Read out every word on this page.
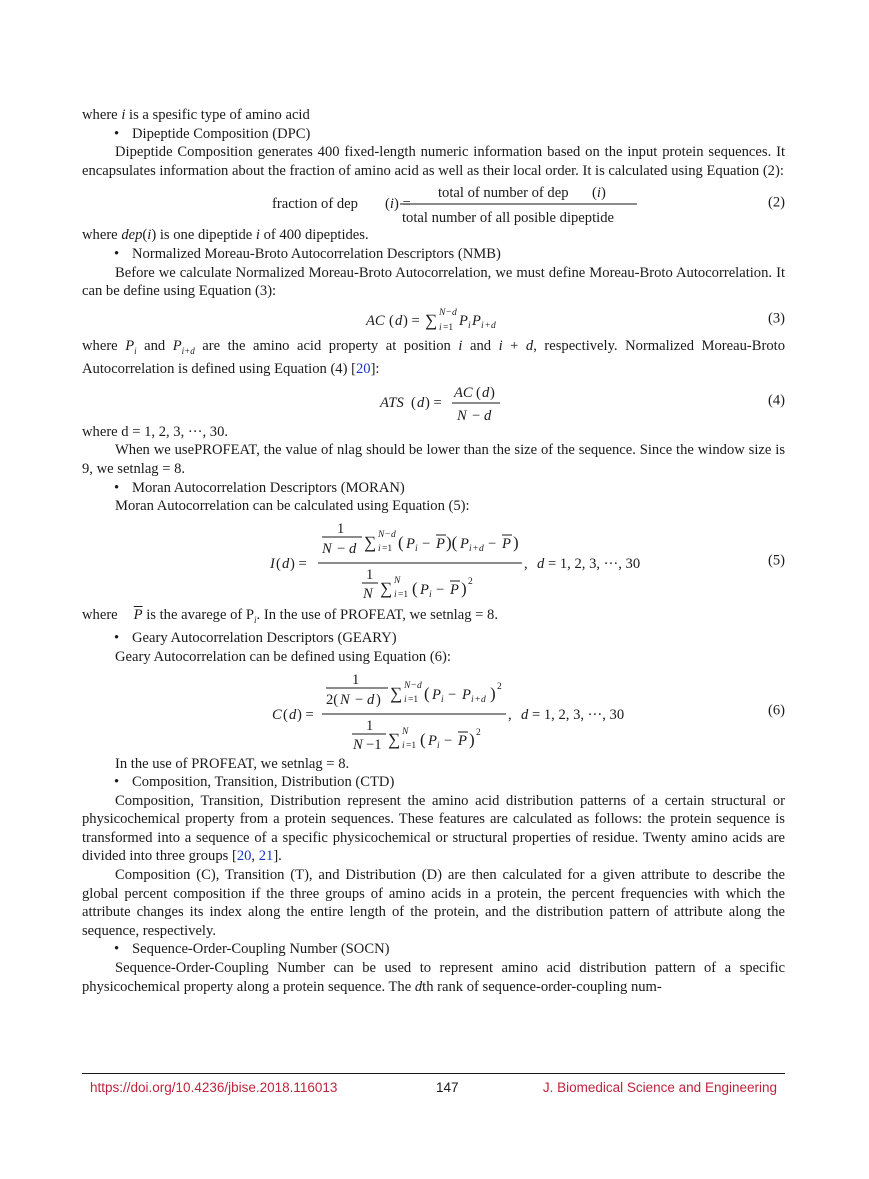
where i is a spesific type of amino acid

• Dipeptide Composition (DPC)

Dipeptide Composition generates 400 fixed-length numeric information based on the input protein sequences. It encapsulates information about the fraction of amino acid as well as their local order. It is calculated using Equation (2):

fraction of dep (i) =
total of number of dep (i)
total number of all posible dipeptide
(2)

where dep(i) is one dipeptide i of 400 dipeptides.

• Normalized Moreau-Broto Autocorrelation Descriptors (NMB)

Before we calculate Normalized Moreau-Broto Autocorrelation, we must define Moreau-Broto Autocorrelation. It can be define using Equation (3):

AC ( d ) = ∑ N − d
i =1 P i P i + d	(3)

where $P_i$ and $P_{i+d}$ are the amino acid property at position i and i + d, respectively. Normalized Moreau-Broto Autocorrelation is defined using Equation (4) [20]:

ATS ( d ) =
AC ( d )
N − d
(4)

where d = 1, 2, 3, ···, 30.

When we usePROFEAT, the value of nlag should be lower than the size of the sequence. Since the window size is 9, we setnlag = 8.

• Moran Autocorrelation Descriptors (MORAN)

Moran Autocorrelation can be calculated using Equation (5):

I ( d ) =
1
N − d ∑ N − d
i =1 ( P i − P )( P i + d − P )
1
N ∑ N
i =1 ( P i − P ) 2
, d = 1, 2, 3, ···, 30	(5)

where $\overline{P}$ is the avarege of $P_i$. In the use of PROFEAT, we setnlag = 8.

• Geary Autocorrelation Descriptors (GEARY)

Geary Autocorrelation can be defined using Equation (6):

C ( d ) =
1
2( N − d ) ∑ N − d
i =1 ( P i − P i + d ) 2
1
N −1 ∑ N
i =1 ( P i − P ) 2
, d = 1, 2, 3, ···, 30	(6)

In the use of PROFEAT, we setnlag = 8.

• Composition, Transition, Distribution (CTD)

Composition, Transition, Distribution represent the amino acid distribution patterns of a certain structural or physicochemical property from a protein sequences. These features are calculated as follows: the protein sequence is transformed into a sequence of a specific physicochemical or structural properties of residue. Twenty amino acids are divided into three groups [20, 21].

Composition (C), Transition (T), and Distribution (D) are then calculated for a given attribute to describe the global percent composition if the three groups of amino acids in a protein, the percent frequencies with which the attribute changes its index along the entire length of the protein, and the distribution pattern of attribute along the sequence, respectively.

• Sequence-Order-Coupling Number (SOCN)

Sequence-Order-Coupling Number can be used to represent amino acid distribution pattern of a specific physicochemical property along a protein sequence. The dth rank of sequence-order-coupling num-

https://doi.org/10.4236/jbise.2018.116013	147	J. Biomedical Science and Engineering
